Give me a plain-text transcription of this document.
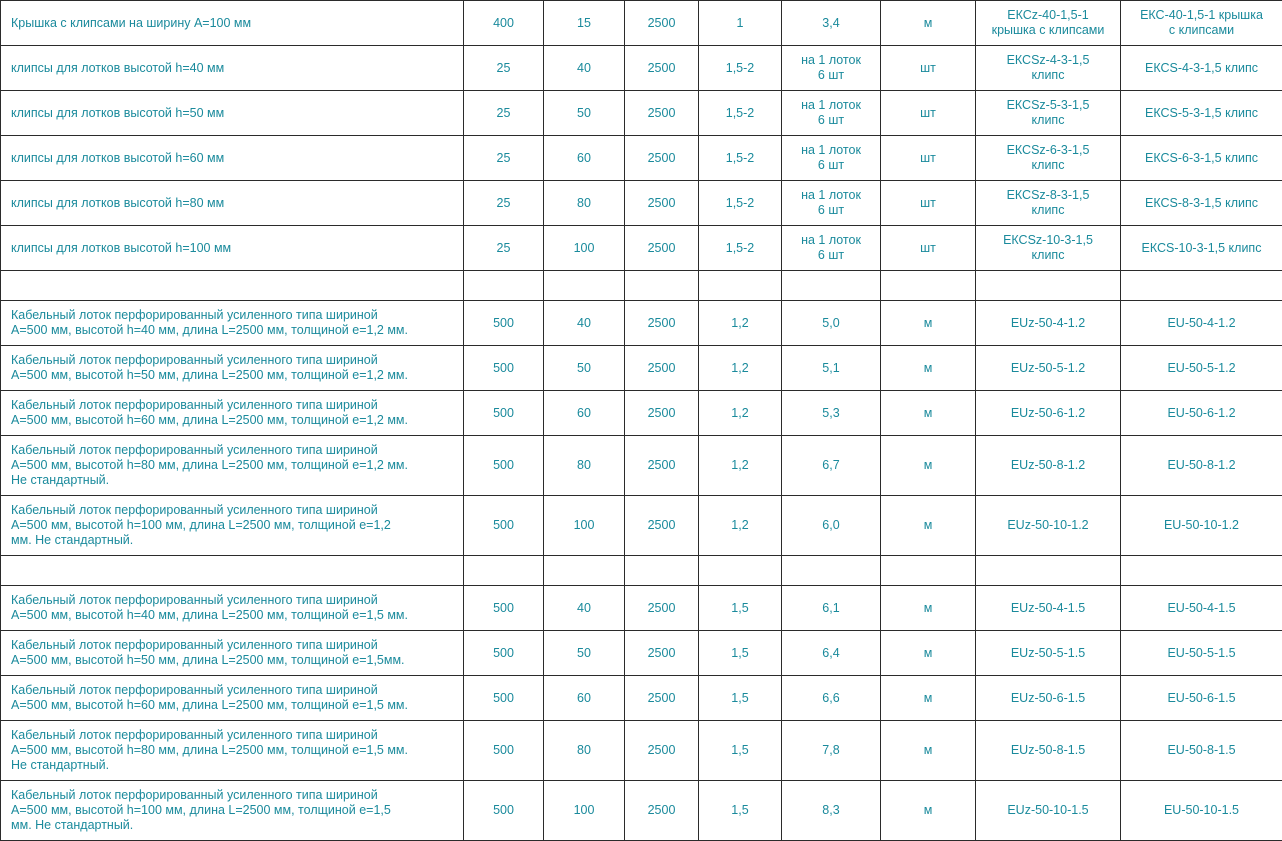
Крышка с клипсами на ширину А=100 мм	400	15	2500	1	3,4	м	ЕКСz-40-1,5-1
крышка с клипсами	ЕКС-40-1,5-1 крышка
с клипсами
клипсы для лотков высотой h=40 мм	25	40	2500	1,5-2	на 1 лоток
6 шт	шт	ЕКСSz-4-3-1,5
клипс	ЕКСS-4-3-1,5 клипс
клипсы для лотков высотой h=50 мм	25	50	2500	1,5-2	на 1 лоток
6 шт	шт	ЕКСSz-5-3-1,5
клипс	ЕКСS-5-3-1,5 клипс
клипсы для лотков высотой h=60 мм	25	60	2500	1,5-2	на 1 лоток
6 шт	шт	ЕКСSz-6-3-1,5
клипс	ЕКСS-6-3-1,5 клипс
клипсы для лотков высотой h=80 мм	25	80	2500	1,5-2	на 1 лоток
6 шт	шт	ЕКСSz-8-3-1,5
клипс	ЕКСS-8-3-1,5 клипс
клипсы для лотков высотой h=100 мм	25	100	2500	1,5-2	на 1 лоток
6 шт	шт	ЕКСSz-10-3-1,5
клипс	ЕКСS-10-3-1,5 клипс

Кабельный лоток перфорированный усиленного типа шириной
А=500 мм, высотой h=40 мм, длина L=2500 мм, толщиной е=1,2 мм.	500	40	2500	1,2	5,0	м	ЕUz-50-4-1.2	ЕU-50-4-1.2
Кабельный лоток перфорированный усиленного типа шириной
А=500 мм, высотой h=50 мм, длина L=2500 мм, толщиной е=1,2 мм.	500	50	2500	1,2	5,1	м	ЕUz-50-5-1.2	ЕU-50-5-1.2
Кабельный лоток перфорированный усиленного типа шириной
А=500 мм, высотой h=60 мм, длина L=2500 мм, толщиной е=1,2 мм.	500	60	2500	1,2	5,3	м	ЕUz-50-6-1.2	ЕU-50-6-1.2
Кабельный лоток перфорированный усиленного типа шириной
А=500 мм, высотой h=80 мм, длина L=2500 мм, толщиной е=1,2 мм.
Не стандартный.	500	80	2500	1,2	6,7	м	ЕUz-50-8-1.2	ЕU-50-8-1.2
Кабельный лоток перфорированный усиленного типа шириной
А=500 мм, высотой h=100 мм, длина L=2500 мм, толщиной е=1,2
мм. Не стандартный.	500	100	2500	1,2	6,0	м	ЕUz-50-10-1.2	ЕU-50-10-1.2

Кабельный лоток перфорированный усиленного типа шириной
А=500 мм, высотой h=40 мм, длина L=2500 мм, толщиной е=1,5 мм.	500	40	2500	1,5	6,1	м	ЕUz-50-4-1.5	ЕU-50-4-1.5
Кабельный лоток перфорированный усиленного типа шириной
А=500 мм, высотой h=50 мм, длина L=2500 мм, толщиной е=1,5мм.	500	50	2500	1,5	6,4	м	ЕUz-50-5-1.5	ЕU-50-5-1.5
Кабельный лоток перфорированный усиленного типа шириной
А=500 мм, высотой h=60 мм, длина L=2500 мм, толщиной е=1,5 мм.	500	60	2500	1,5	6,6	м	ЕUz-50-6-1.5	ЕU-50-6-1.5
Кабельный лоток перфорированный усиленного типа шириной
А=500 мм, высотой h=80 мм, длина L=2500 мм, толщиной е=1,5 мм.
Не стандартный.	500	80	2500	1,5	7,8	м	ЕUz-50-8-1.5	ЕU-50-8-1.5
Кабельный лоток перфорированный усиленного типа шириной
А=500 мм, высотой h=100 мм, длина L=2500 мм, толщиной е=1,5
мм. Не стандартный.	500	100	2500	1,5	8,3	м	ЕUz-50-10-1.5	ЕU-50-10-1.5
